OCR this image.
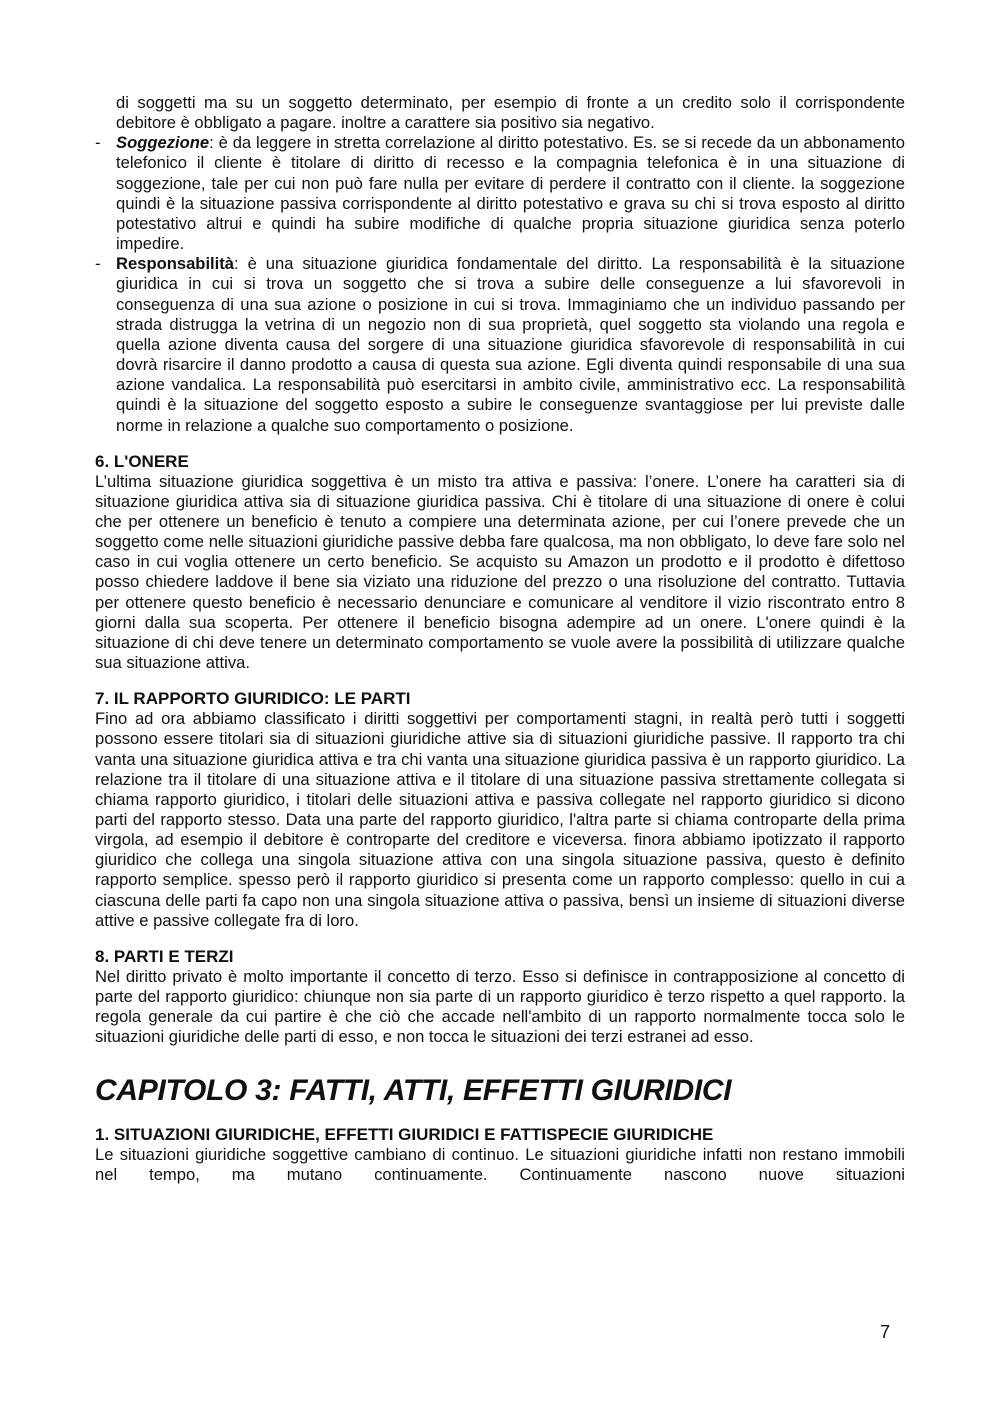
di soggetti ma su un soggetto determinato, per esempio di fronte a un credito solo il corrispondente debitore è obbligato a pagare. inoltre a carattere sia positivo sia negativo.

- Soggezione: è da leggere in stretta correlazione al diritto potestativo. Es. se si recede da un abbonamento telefonico il cliente è titolare di diritto di recesso e la compagnia telefonica è in una situazione di soggezione, tale per cui non può fare nulla per evitare di perdere il contratto con il cliente. la soggezione quindi è la situazione passiva corrispondente al diritto potestativo e grava su chi si trova esposto al diritto potestativo altrui e quindi ha subire modifiche di qualche propria situazione giuridica senza poterlo impedire.
- Responsabilità: è una situazione giuridica fondamentale del diritto. La responsabilità è la situazione giuridica in cui si trova un soggetto che si trova a subire delle conseguenze a lui sfavorevoli in conseguenza di una sua azione o posizione in cui si trova. Immaginiamo che un individuo passando per strada distrugga la vetrina di un negozio non di sua proprietà, quel soggetto sta violando una regola e quella azione diventa causa del sorgere di una situazione giuridica sfavorevole di responsabilità in cui dovrà risarcire il danno prodotto a causa di questa sua azione. Egli diventa quindi responsabile di una sua azione vandalica. La responsabilità può esercitarsi in ambito civile, amministrativo ecc. La responsabilità quindi è la situazione del soggetto esposto a subire le conseguenze svantaggiose per lui previste dalle norme in relazione a qualche suo comportamento o posizione.
6. L'ONERE

L’ultima situazione giuridica soggettiva è un misto tra attiva e passiva: l’onere. L’onere ha caratteri sia di situazione giuridica attiva sia di situazione giuridica passiva. Chi è titolare di una situazione di onere è colui che per ottenere un beneficio è tenuto a compiere una determinata azione, per cui l’onere prevede che un soggetto come nelle situazioni giuridiche passive debba fare qualcosa, ma non obbligato, lo deve fare solo nel caso in cui voglia ottenere un certo beneficio. Se acquisto su Amazon un prodotto e il prodotto è difettoso posso chiedere laddove il bene sia viziato una riduzione del prezzo o una risoluzione del contratto. Tuttavia per ottenere questo beneficio è necessario denunciare e comunicare al venditore il vizio riscontrato entro 8 giorni dalla sua scoperta. Per ottenere il beneficio bisogna adempire ad un onere. L'onere quindi è la situazione di chi deve tenere un determinato comportamento se vuole avere la possibilità di utilizzare qualche sua situazione attiva.

7. IL RAPPORTO GIURIDICO: LE PARTI

Fino ad ora abbiamo classificato i diritti soggettivi per comportamenti stagni, in realtà però tutti i soggetti possono essere titolari sia di situazioni giuridiche attive sia di situazioni giuridiche passive. Il rapporto tra chi vanta una situazione giuridica attiva e tra chi vanta una situazione giuridica passiva è un rapporto giuridico. La relazione tra il titolare di una situazione attiva e il titolare di una situazione passiva strettamente collegata si chiama rapporto giuridico, i titolari delle situazioni attiva e passiva collegate nel rapporto giuridico si dicono parti del rapporto stesso. Data una parte del rapporto giuridico, l'altra parte si chiama controparte della prima virgola, ad esempio il debitore è controparte del creditore e viceversa. finora abbiamo ipotizzato il rapporto giuridico che collega una singola situazione attiva con una singola situazione passiva, questo è definito rapporto semplice. spesso però il rapporto giuridico si presenta come un rapporto complesso: quello in cui a ciascuna delle parti fa capo non una singola situazione attiva o passiva, bensì un insieme di situazioni diverse attive e passive collegate fra di loro.

8. PARTI E TERZI

Nel diritto privato è molto importante il concetto di terzo. Esso si definisce in contrapposizione al concetto di parte del rapporto giuridico: chiunque non sia parte di un rapporto giuridico è terzo rispetto a quel rapporto. la regola generale da cui partire è che ciò che accade nell'ambito di un rapporto normalmente tocca solo le situazioni giuridiche delle parti di esso, e non tocca le situazioni dei terzi estranei ad esso.

CAPITOLO 3: FATTI, ATTI, EFFETTI GIURIDICI
1. SITUAZIONI GIURIDICHE, EFFETTI GIURIDICI E FATTISPECIE GIURIDICHE

Le situazioni giuridiche soggettive cambiano di continuo. Le situazioni giuridiche infatti non restano immobili nel tempo, ma mutano continuamente. Continuamente nascono nuove situazioni

7
